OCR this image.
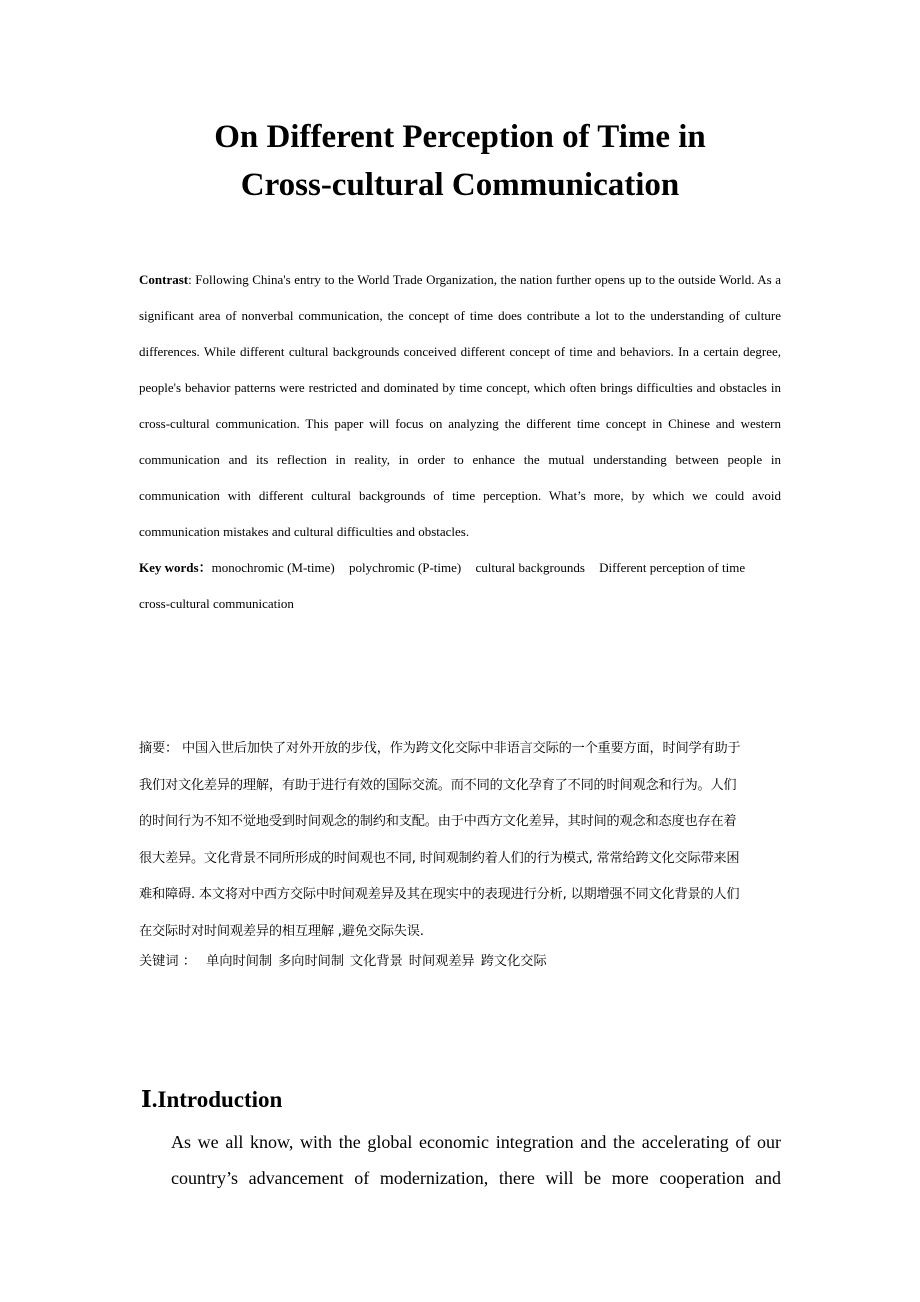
On Different Perception of Time in
Cross-cultural Communication

Contrast: Following China's entry to the World Trade Organization, the nation further opens up to the outside World. As a significant area of nonverbal communication, the concept of time does contribute a lot to the understanding of culture differences. While different cultural backgrounds conceived different concept of time and behaviors. In a certain degree, people's behavior patterns were restricted and dominated by time concept, which often brings difficulties and obstacles in cross-cultural communication. This paper will focus on analyzing the different time concept in Chinese and western communication and its reflection in reality, in order to enhance the mutual understanding between people in communication with different cultural backgrounds of time perception. What’s more, by which we could avoid communication mistakes and cultural difficulties and obstacles.

Key words：monochromic (M-time) polychromic (P-time) cultural backgrounds Different perception of time
cross-cultural communication

摘要： 中国入世后加快了对外开放的步伐，作为跨文化交际中非语言交际的一个重要方面，时间学有助于
我们对文化差异的理解，有助于进行有效的国际交流。而不同的文化孕育了不同的时间观念和行为。人们
的时间行为不知不觉地受到时间观念的制约和支配。由于中西方文化差异，其时间的观念和态度也存在着
很大差异。文化背景不同所形成的时间观也不同, 时间观制约着人们的行为模式, 常常给跨文化交际带来困
难和障碍. 本文将对中西方交际中时间观差异及其在现实中的表现进行分析, 以期增强不同文化背景的人们
在交际时对时间观差异的相互理解 ,避免交际失误.

关键词 ： 单向时间制 多向时间制 文化背景 时间观差异 跨文化交际

Ⅰ.Introduction

As we all know, with the global economic integration and the accelerating of our
country’s advancement of modernization, there will be more cooperation and
